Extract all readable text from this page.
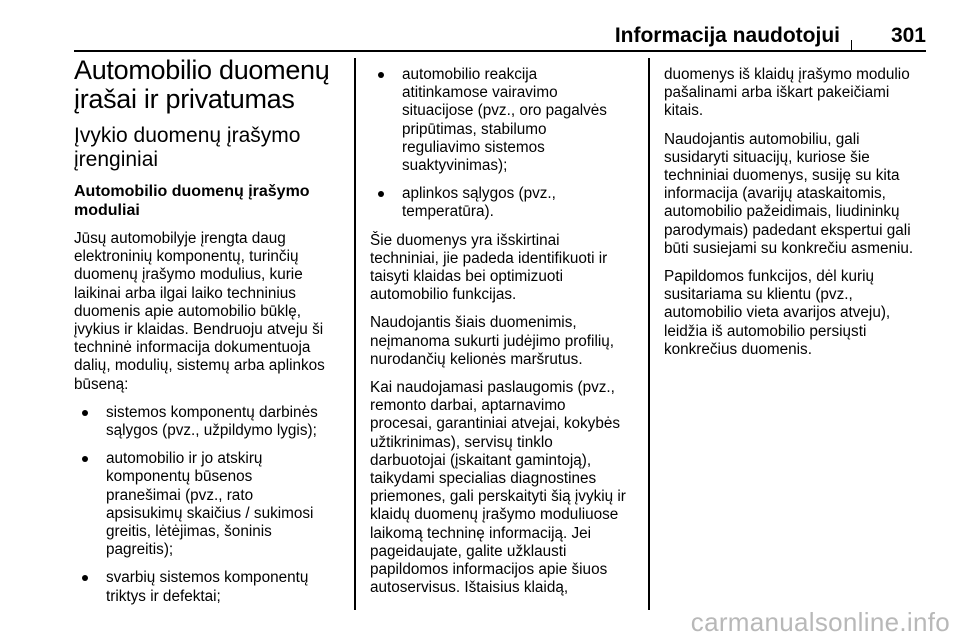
Informacija naudotojui 301
Automobilio duomenų
įrašai ir privatumas
Įvykio duomenų įrašymo
įrenginiai
Automobilio duomenų įrašymo
moduliai

Jūsų automobilyje įrengta daug
elektroninių komponentų, turinčių
duomenų įrašymo modulius, kurie
laikinai arba ilgai laiko techninius
duomenis apie automobilio būklę,
įvykius ir klaidas. Bendruoju atveju ši
techninė informacija dokumentuoja
dalių, modulių, sistemų arba aplinkos
būseną:

sistemos komponentų darbinės
sąlygos (pvz., užpildymo lygis);
automobilio ir jo atskirų
komponentų būsenos
pranešimai (pvz., rato
apsisukimų skaičius / sukimosi
greitis, lėtėjimas, šoninis
pagreitis);
svarbių sistemos komponentų
triktys ir defektai;
automobilio reakcija
atitinkamose vairavimo
situacijose (pvz., oro pagalvės
pripūtimas, stabilumo
reguliavimo sistemos
suaktyvinimas);
aplinkos sąlygos (pvz.,
temperatūra).

Šie duomenys yra išskirtinai
techniniai, jie padeda identifikuoti ir
taisyti klaidas bei optimizuoti
automobilio funkcijas.

Naudojantis šiais duomenimis,
neįmanoma sukurti judėjimo profilių,
nurodančių kelionės maršrutus.

Kai naudojamasi paslaugomis (pvz.,
remonto darbai, aptarnavimo
procesai, garantiniai atvejai, kokybės
užtikrinimas), servisų tinklo
darbuotojai (įskaitant gamintoją),
taikydami specialias diagnostines
priemones, gali perskaityti šią įvykių ir
klaidų duomenų įrašymo moduliuose
laikomą techninę informaciją. Jei
pageidaujate, galite užklausti
papildomos informacijos apie šiuos
autoservisus. Ištaisius klaidą,

duomenys iš klaidų įrašymo modulio
pašalinami arba iškart pakeičiami
kitais.

Naudojantis automobiliu, gali
susidaryti situacijų, kuriose šie
techniniai duomenys, susiję su kita
informacija (avarijų ataskaitomis,
automobilio pažeidimais, liudininkų
parodymais) padedant ekspertui gali
būti susiejami su konkrečiu asmeniu.

Papildomos funkcijos, dėl kurių
susitariama su klientu (pvz.,
automobilio vieta avarijos atveju),
leidžia iš automobilio persiųsti
konkrečius duomenis.

carmanualsonline.info
